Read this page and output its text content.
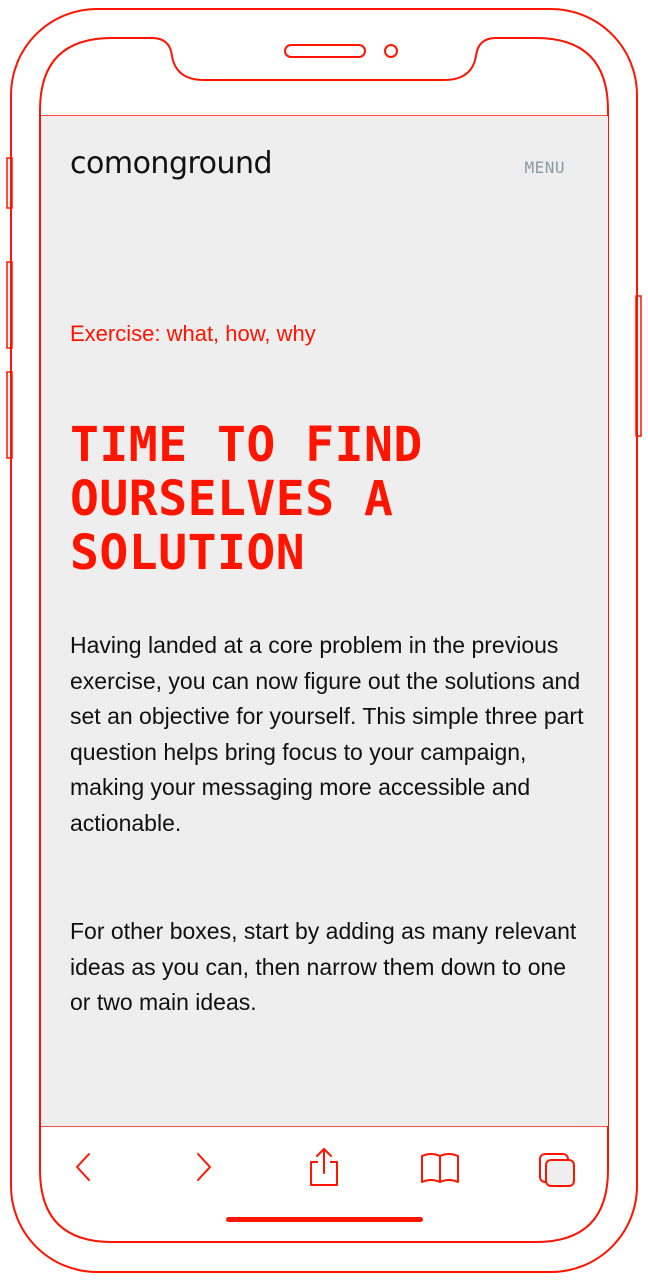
comonground	MENU
Exercise: what, how, why
TIME TO FIND OURSELVES A SOLUTION

Having landed at a core problem in the previous exercise, you can now figure out the solutions and set an objective for yourself. This simple three part question helps bring focus to your campaign, making your messaging more accessible and actionable.

For other boxes, start by adding as many relevant ideas as you can, then narrow them down to one or two main ideas.
